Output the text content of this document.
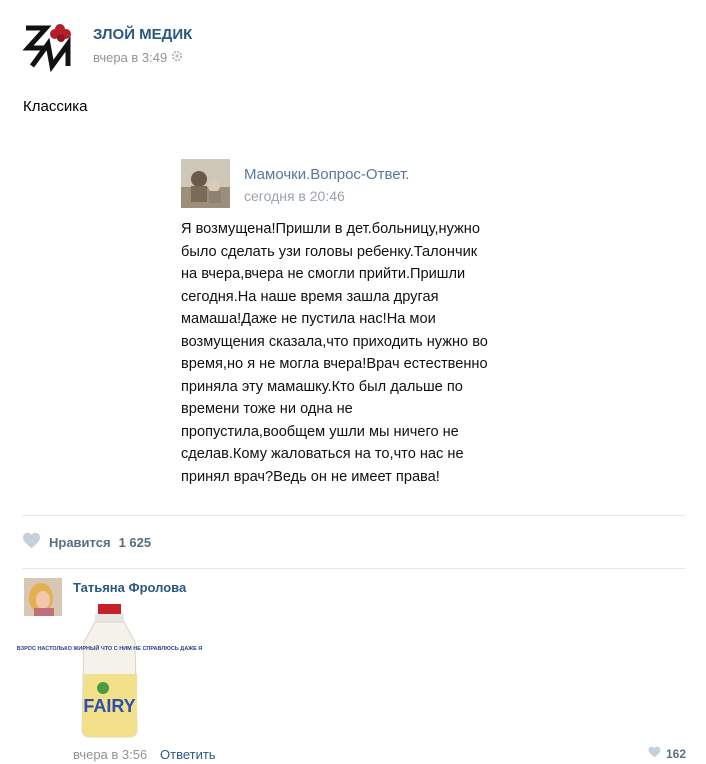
ЗЛОЙ МЕДИК
вчера в 3:49
Классика
Мамочки.Вопрос-Ответ.
сегодня в 20:46
Я возмущена!Пришли в дет.больницу,нужно
было сделать узи головы ребенку.Талончик
на вчера,вчера не смогли прийти.Пришли
сегодня.На наше время зашла другая
мамаша!Даже не пустила нас!На мои
возмущения сказала,что приходить нужно во
время,но я не могла вчера!Врач естественно
приняла эту мамашку.Кто был дальше по
времени тоже ни одна не
пропустила,вообщем ушли мы ничего не
сделав.Кому жаловаться на то,что нас не
принял врач?Ведь он не имеет права!
Нравится 1 625
Татьяна Фролова
ВЗРОС НАСТОЛЬКО ЖИРНЫЙ ЧТО С НИМ НЕ СПРАВЛЮСЬ ДАЖЕ Я
FAIRY
вчера в 3:56 Ответить	162
